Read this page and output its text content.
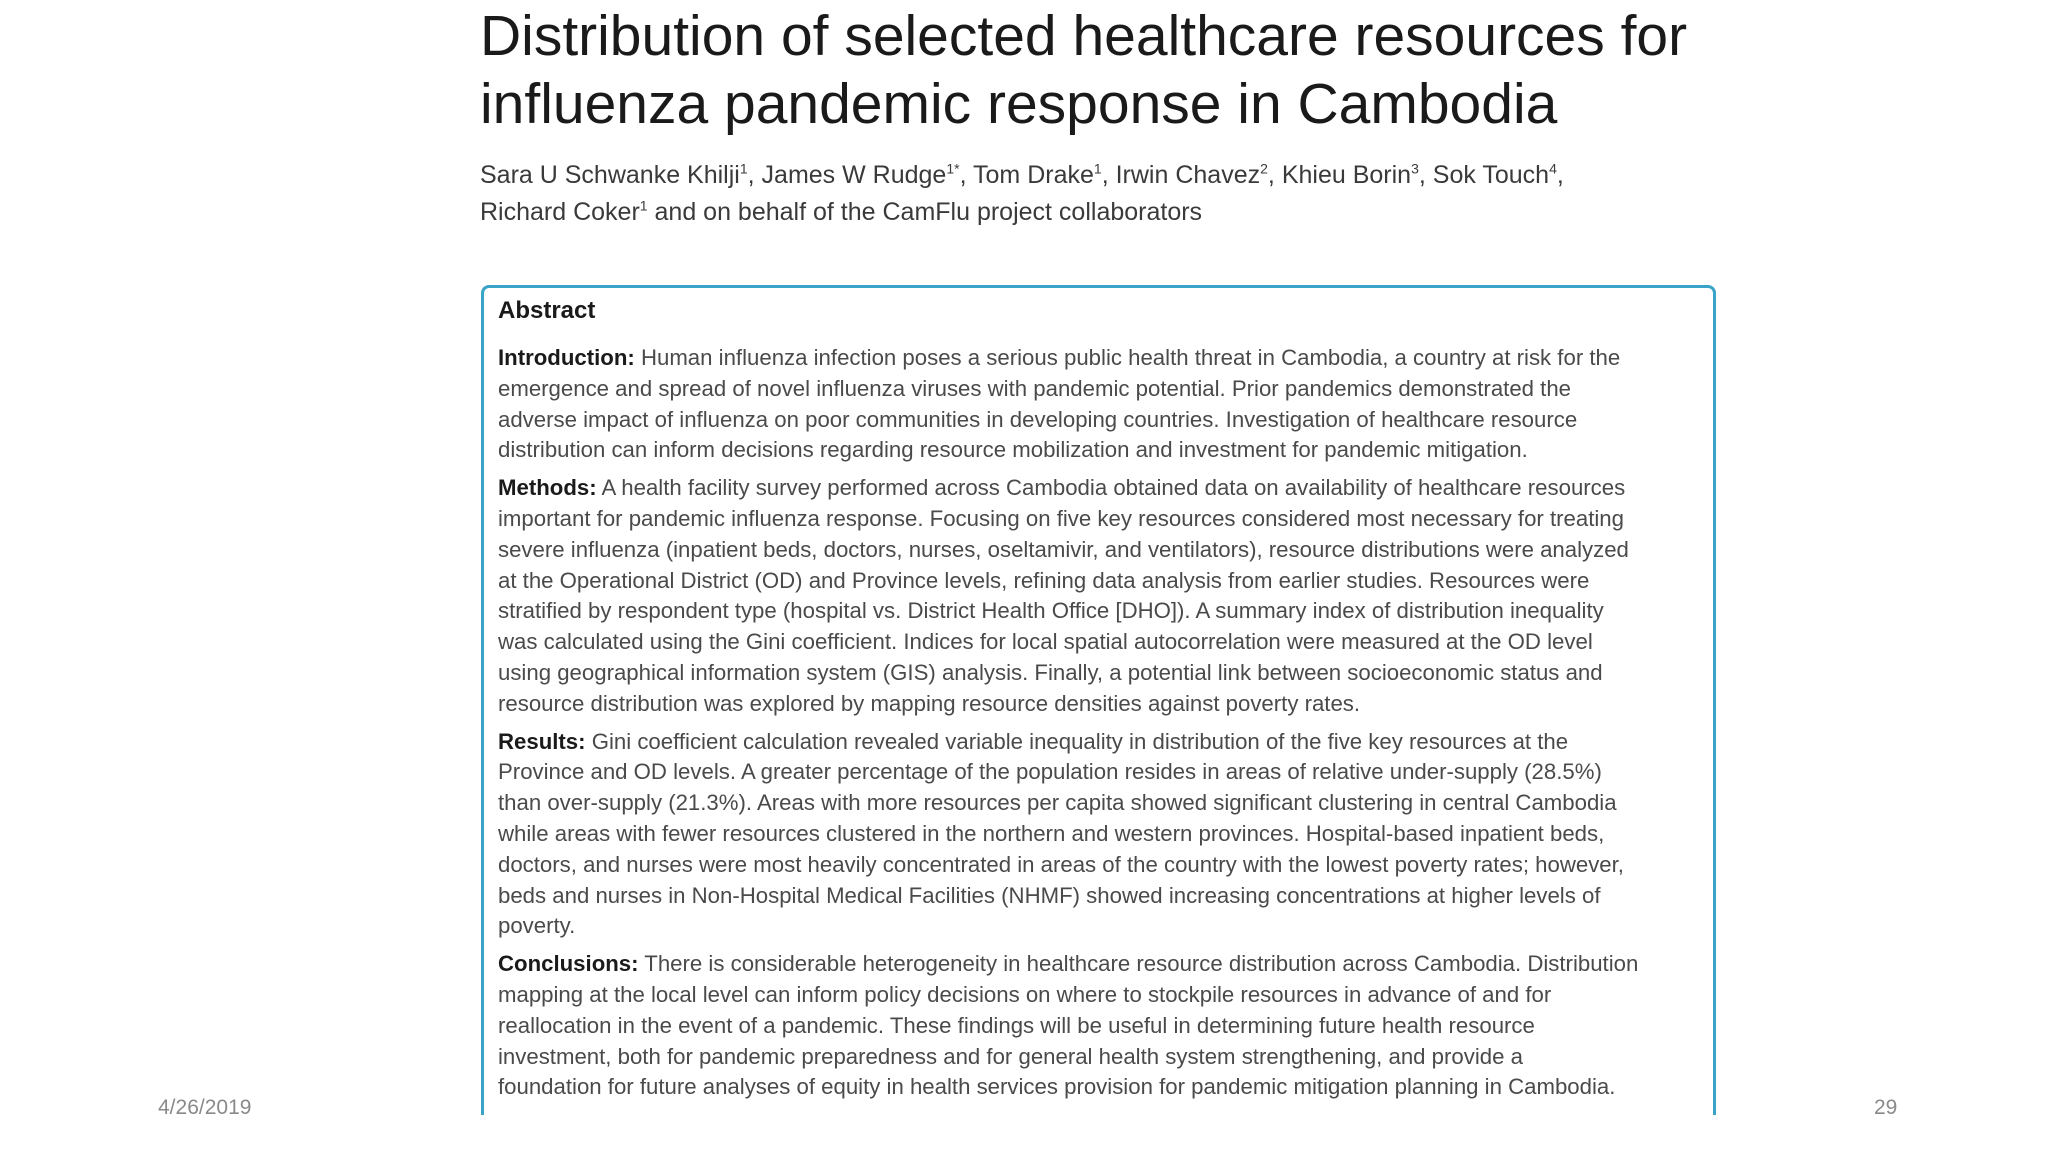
Distribution of selected healthcare resources for
influenza pandemic response in Cambodia
Sara U Schwanke Khilji$^1$, James W Rudge$^{1*}$, Tom Drake$^1$, Irwin Chavez$^2$, Khieu Borin$^3$, Sok Touch$^4$,
Richard Coker$^1$ and on behalf of the CamFlu project collaborators
Abstract
Introduction: Human influenza infection poses a serious public health threat in Cambodia, a country at risk for the
emergence and spread of novel influenza viruses with pandemic potential. Prior pandemics demonstrated the
adverse impact of influenza on poor communities in developing countries. Investigation of healthcare resource
distribution can inform decisions regarding resource mobilization and investment for pandemic mitigation.
Methods: A health facility survey performed across Cambodia obtained data on availability of healthcare resources
important for pandemic influenza response. Focusing on five key resources considered most necessary for treating
severe influenza (inpatient beds, doctors, nurses, oseltamivir, and ventilators), resource distributions were analyzed
at the Operational District (OD) and Province levels, refining data analysis from earlier studies. Resources were
stratified by respondent type (hospital vs. District Health Office [DHO]). A summary index of distribution inequality
was calculated using the Gini coefficient. Indices for local spatial autocorrelation were measured at the OD level
using geographical information system (GIS) analysis. Finally, a potential link between socioeconomic status and
resource distribution was explored by mapping resource densities against poverty rates.
Results: Gini coefficient calculation revealed variable inequality in distribution of the five key resources at the
Province and OD levels. A greater percentage of the population resides in areas of relative under-supply (28.5%)
than over-supply (21.3%). Areas with more resources per capita showed significant clustering in central Cambodia
while areas with fewer resources clustered in the northern and western provinces. Hospital-based inpatient beds,
doctors, and nurses were most heavily concentrated in areas of the country with the lowest poverty rates; however,
beds and nurses in Non-Hospital Medical Facilities (NHMF) showed increasing concentrations at higher levels of
poverty.
Conclusions: There is considerable heterogeneity in healthcare resource distribution across Cambodia. Distribution
mapping at the local level can inform policy decisions on where to stockpile resources in advance of and for
reallocation in the event of a pandemic. These findings will be useful in determining future health resource
investment, both for pandemic preparedness and for general health system strengthening, and provide a
foundation for future analyses of equity in health services provision for pandemic mitigation planning in Cambodia.
4/26/2019	29
